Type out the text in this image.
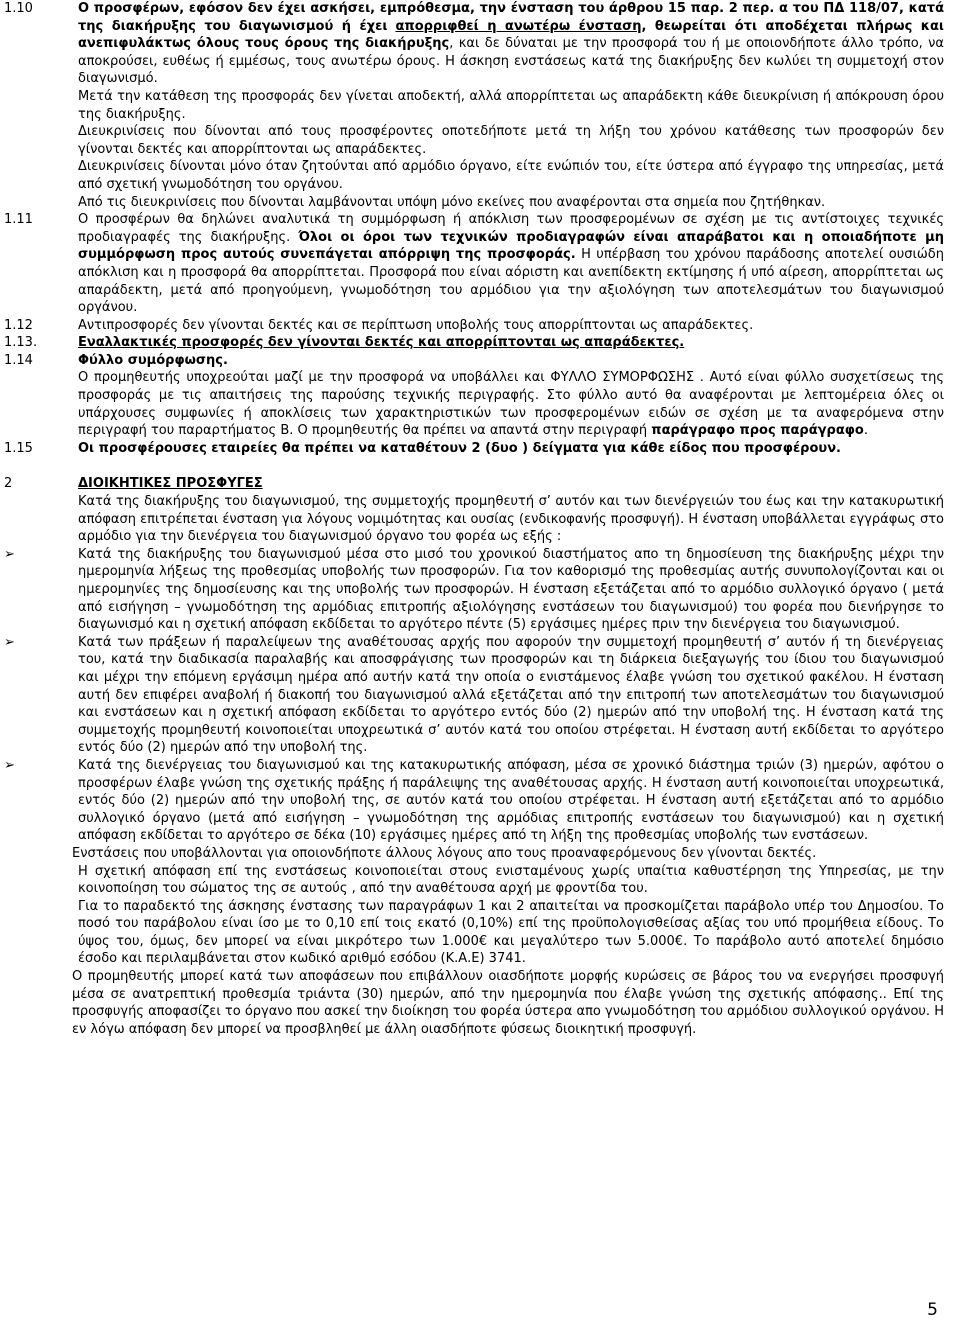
1.10	Ο προσφέρων, εφόσον δεν έχει ασκήσει, εμπρόθεσμα, την ένσταση του άρθρου 15 παρ. 2 περ. α του ΠΔ 118/07, κατά της διακήρυξης του διαγωνισμού ή έχει απορριφθεί η ανωτέρω ένσταση, θεωρείται ότι αποδέχεται πλήρως και ανεπιφυλάκτως όλους τους όρους της διακήρυξης, και δε δύναται με την προσφορά του ή με οποιονδήποτε άλλο τρόπο, να αποκρούσει, ευθέως ή εμμέσως, τους ανωτέρω όρους. Η άσκηση ενστάσεως κατά της διακήρυξης δεν κωλύει τη συμμετοχή στον διαγωνισμό.

Μετά την κατάθεση της προσφοράς δεν γίνεται αποδεκτή, αλλά απορρίπτεται ως απαράδεκτη κάθε διευκρίνιση ή απόκρουση όρου της διακήρυξης.

Διευκρινίσεις που δίνονται από τους προσφέροντες οποτεδήποτε μετά τη λήξη του χρόνου κατάθεσης των προσφορών δεν γίνονται δεκτές και απορρίπτονται ως απαράδεκτες.

Διευκρινίσεις δίνονται μόνο όταν ζητούνται από αρμόδιο όργανο, είτε ενώπιόν του, είτε ύστερα από έγγραφο της υπηρεσίας, μετά από σχετική γνωμοδότηση του οργάνου.

Από τις διευκρινίσεις που δίνονται λαμβάνονται υπόψη μόνο εκείνες που αναφέρονται στα σημεία που ζητήθηκαν.

1.11	Ο προσφέρων θα δηλώνει αναλυτικά τη συμμόρφωση ή απόκλιση των προσφερομένων σε σχέση με τις αντίστοιχες τεχνικές προδιαγραφές της διακήρυξης. Όλοι οι όροι των τεχνικών προδιαγραφών είναι απαράβατοι και η οποιαδήποτε μη συμμόρφωση προς αυτούς συνεπάγεται απόρριψη της προσφοράς. Η υπέρβαση του χρόνου παράδοσης αποτελεί ουσιώδη απόκλιση και η προσφορά θα απορρίπτεται. Προσφορά που είναι αόριστη και ανεπίδεκτη εκτίμησης ή υπό αίρεση, απορρίπτεται ως απαράδεκτη, μετά από προηγούμενη, γνωμοδότηση του αρμόδιου για την αξιολόγηση των αποτελεσμάτων του διαγωνισμού οργάνου.
1.12	Αντιπροσφορές δεν γίνονται δεκτές και σε περίπτωση υποβολής τους απορρίπτονται ως απαράδεκτες.
1.13.	Εναλλακτικές προσφορές δεν γίνονται δεκτές και απορρίπτονται ως απαράδεκτες.
1.14	Φύλλο συμόρφωσης.

Ο προμηθευτής υποχρεούται μαζί με την προσφορά να υποβάλλει και ΦΥΛΛΟ ΣΥΜΟΡΦΩΣΗΣ . Αυτό είναι φύλλο συσχετίσεως της προσφοράς με τις απαιτήσεις της παρούσης τεχνικής περιγραφής. Στο φύλλο αυτό θα αναφέρονται με λεπτομέρεια όλες οι υπάρχουσες συμφωνίες ή αποκλίσεις των χαρακτηριστικών των προσφερομένων ειδών σε σχέση με τα αναφερόμενα στην περιγραφή του παραρτήματος Β. Ο προμηθευτής θα πρέπει να απαντά στην περιγραφή παράγραφο προς παράγραφο.

1.15	Οι προσφέρουσες εταιρείες θα πρέπει να καταθέτουν 2 (δυο ) δείγματα για κάθε είδος που προσφέρουν.
2	ΔΙΟΙΚΗΤΙΚΕΣ ΠΡΟΣΦΥΓΕΣ

Κατά της διακήρυξης του διαγωνισμού, της συμμετοχής προμηθευτή σ’ αυτόν και των διενέργειών του έως και την κατακυρωτική απόφαση επιτρέπεται ένσταση για λόγους νομιμότητας και ουσίας (ενδικοφανής προσφυγή). Η ένσταση υποβάλλεται εγγράφως στο αρμόδιο για την διενέργεια του διαγωνισμού όργανο του φορέα ως εξής :

➢	Κατά της διακήρυξης του διαγωνισμού μέσα στο μισό του χρονικού διαστήματος απο τη δημοσίευση της διακήρυξης μέχρι την ημερομηνία λήξεως της προθεσμίας υποβολής των προσφορών. Για τον καθορισμό της προθεσμίας αυτής συνυπολογίζονται και οι ημερομηνίες της δημοσίευσης και της υποβολής των προσφορών. Η ένσταση εξετάζεται από το αρμόδιο συλλογικό όργανο ( μετά από εισήγηση – γνωμοδότηση της αρμόδιας επιτροπής αξιολόγησης ενστάσεων του διαγωνισμού) του φορέα που διενήργησε το διαγωνισμό και η σχετική απόφαση εκδίδεται το αργότερο πέντε (5) εργάσιμες ημέρες πριν την διενέργεια του διαγωνισμού.
➢	Κατά των πράξεων ή παραλείψεων της αναθέτουσας αρχής που αφορούν την συμμετοχή προμηθευτή σ’ αυτόν ή τη διενέργειας του, κατά την διαδικασία παραλαβής και αποσφράγισης των προσφορών και τη διάρκεια διεξαγωγής του ίδιου του διαγωνισμού και μέχρι την επόμενη εργάσιμη ημέρα από αυτήν κατά την οποία ο ενιστάμενος έλαβε γνώση του σχετικού φακέλου. Η ένσταση αυτή δεν επιφέρει αναβολή ή διακοπή του διαγωνισμού αλλά εξετάζεται από την επιτροπή των αποτελεσμάτων του διαγωνισμού και ενστάσεων και η σχετική απόφαση εκδίδεται το αργότερο εντός δύο (2) ημερών από την υποβολή της. Η ένσταση κατά της συμμετοχής προμηθευτή κοινοποιείται υποχρεωτικά σ’ αυτόν κατά του οποίου στρέφεται. Η ένσταση αυτή εκδίδεται το αργότερο εντός δύο (2) ημερών από την υποβολή της.
➢	Κατά της διενέργειας του διαγωνισμού και της κατακυρωτικής απόφαση, μέσα σε χρονικό διάστημα τριών (3) ημερών, αφότου ο προσφέρων έλαβε γνώση της σχετικής πράξης ή παράλειψης της αναθέτουσας αρχής. Η ένσταση αυτή κοινοποιείται υποχρεωτικά, εντός δύο (2) ημερών από την υποβολή της, σε αυτόν κατά του οποίου στρέφεται. Η ένσταση αυτή εξετάζεται από το αρμόδιο συλλογικό όργανο (μετά από εισήγηση – γνωμοδότηση της αρμόδιας επιτροπής ενστάσεων του διαγωνισμού) και η σχετική απόφαση εκδίδεται το αργότερο σε δέκα (10) εργάσιμες ημέρες από τη λήξη της προθεσμίας υποβολής των ενστάσεων.

Ενστάσεις που υποβάλλονται για οποιονδήποτε άλλους λόγους απο τους προαναφερόμενους δεν γίνονται δεκτές.

Η σχετική απόφαση επί της ενστάσεως κοινοποιείται στους ενισταμένους χωρίς υπαίτια καθυστέρηση της Υπηρεσίας, με την κοινοποίηση του σώματος της σε αυτούς , από την αναθέτουσα αρχή με φροντίδα του.

Για το παραδεκτό της άσκησης ένστασης των παραγράφων 1 και 2 απαιτείται να προσκομίζεται παράβολο υπέρ του Δημοσίου. Το ποσό του παράβολου είναι ίσο με το 0,10 επί τοις εκατό (0,10%) επί της προϋπολογισθείσας αξίας του υπό προμήθεια είδους. Το ύψος του, όμως, δεν μπορεί να είναι μικρότερο των 1.000€ και μεγαλύτερο των 5.000€. Το παράβολο αυτό αποτελεί δημόσιο έσοδο και περιλαμβάνεται στον κωδικό αριθμό εσόδου (Κ.Α.Ε) 3741.

Ο προμηθευτής μπορεί κατά των αποφάσεων που επιβάλλουν οιασδήποτε μορφής κυρώσεις σε βάρος του να ενεργήσει προσφυγή μέσα σε ανατρεπτική προθεσμία τριάντα (30) ημερών, από την ημερομηνία που έλαβε γνώση της σχετικής απόφασης.. Επί της προσφυγής αποφασίζει το όργανο που ασκεί την διοίκηση του φορέα ύστερα απο γνωμοδότηση του αρμόδιου συλλογικού οργάνου. Η εν λόγω απόφαση δεν μπορεί να προσβληθεί με άλλη οιασδήποτε φύσεως διοικητική προσφυγή.

5
